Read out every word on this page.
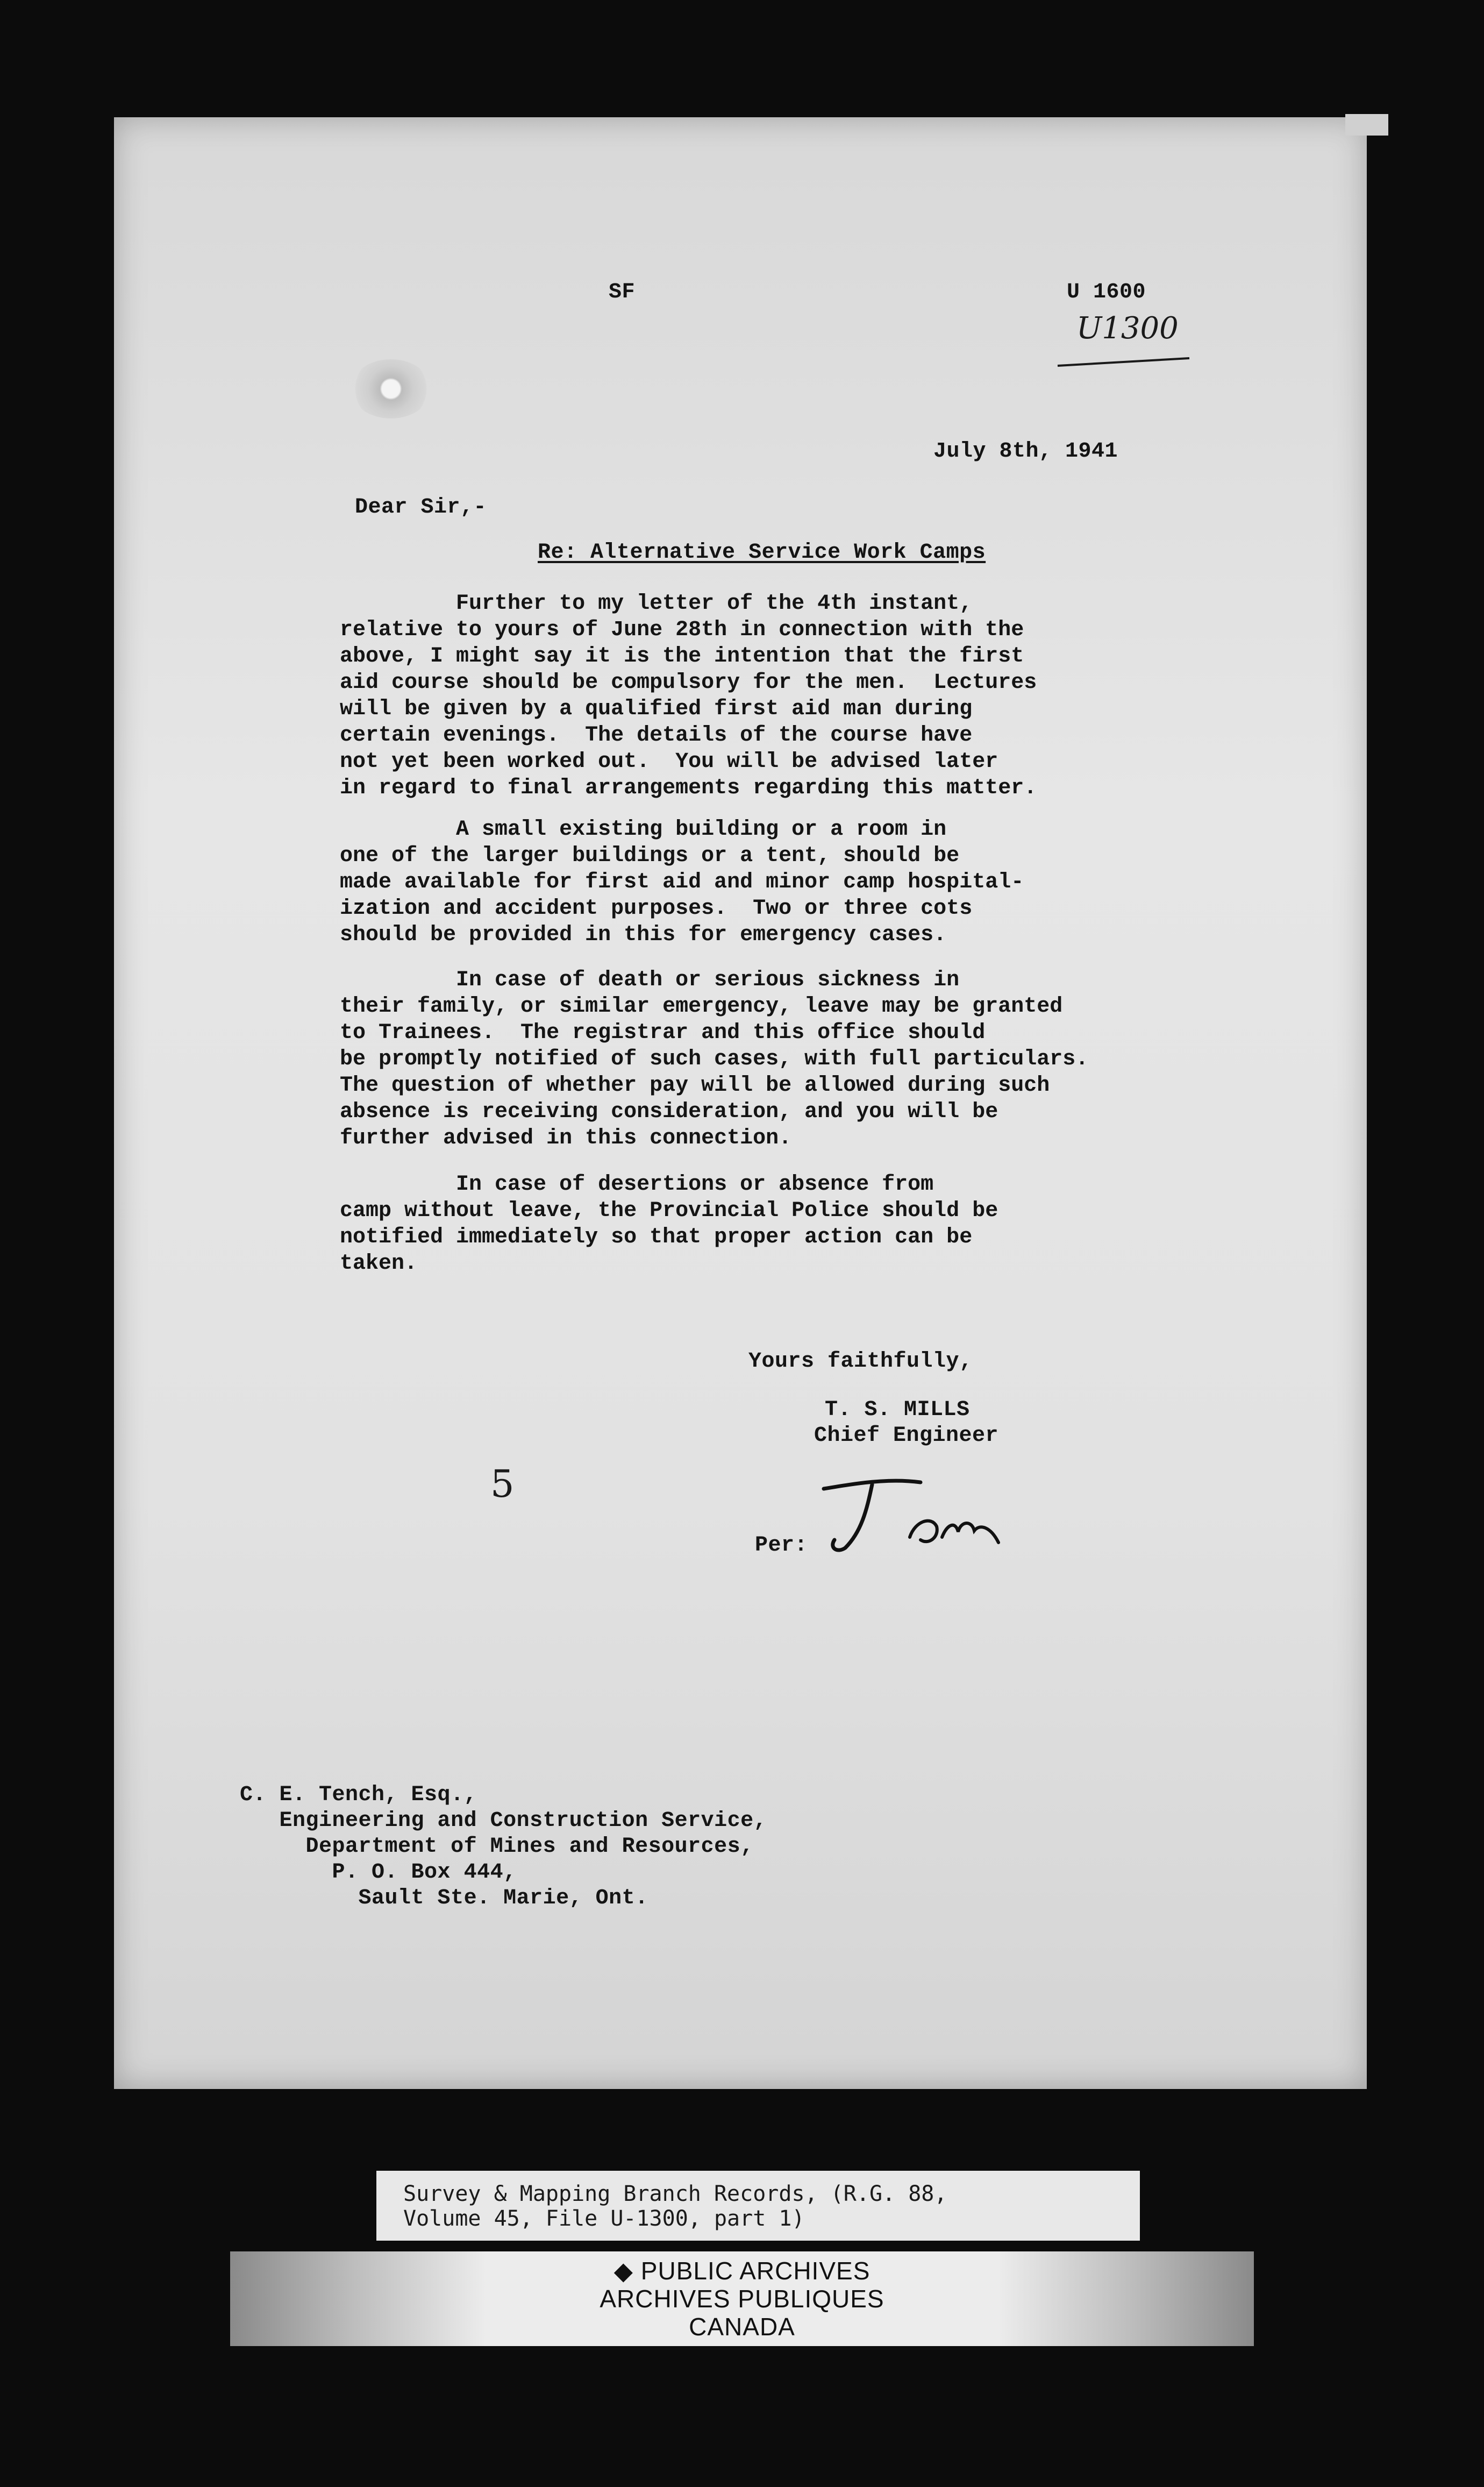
SF	U 1600
U1300
July 8th, 1941
Dear Sir,-
Re: Alternative Service Work Camps
Further to my letter of the 4th instant,
relative to yours of June 28th in connection with the
above, I might say it is the intention that the first
aid course should be compulsory for the men.  Lectures
will be given by a qualified first aid man during
certain evenings.  The details of the course have
not yet been worked out.  You will be advised later
in regard to final arrangements regarding this matter.
A small existing building or a room in
one of the larger buildings or a tent, should be
made available for first aid and minor camp hospital-
ization and accident purposes.  Two or three cots
should be provided in this for emergency cases.
In case of death or serious sickness in
their family, or similar emergency, leave may be granted
to Trainees.  The registrar and this office should
be promptly notified of such cases, with full particulars.
The question of whether pay will be allowed during such
absence is receiving consideration, and you will be
further advised in this connection.
In case of desertions or absence from
camp without leave, the Provincial Police should be
notified immediately so that proper action can be
taken.
Yours faithfully,
T. S. MILLS
Chief Engineer
5
Per:
C. E. Tench, Esq.,
Engineering and Construction Service,
Department of Mines and Resources,
P. O. Box 444,
Sault Ste. Marie, Ont.
Survey & Mapping Branch Records, (R.G. 88,
Volume 45, File U-1300, part 1)
◆ PUBLIC ARCHIVES
ARCHIVES PUBLIQUES
CANADA
